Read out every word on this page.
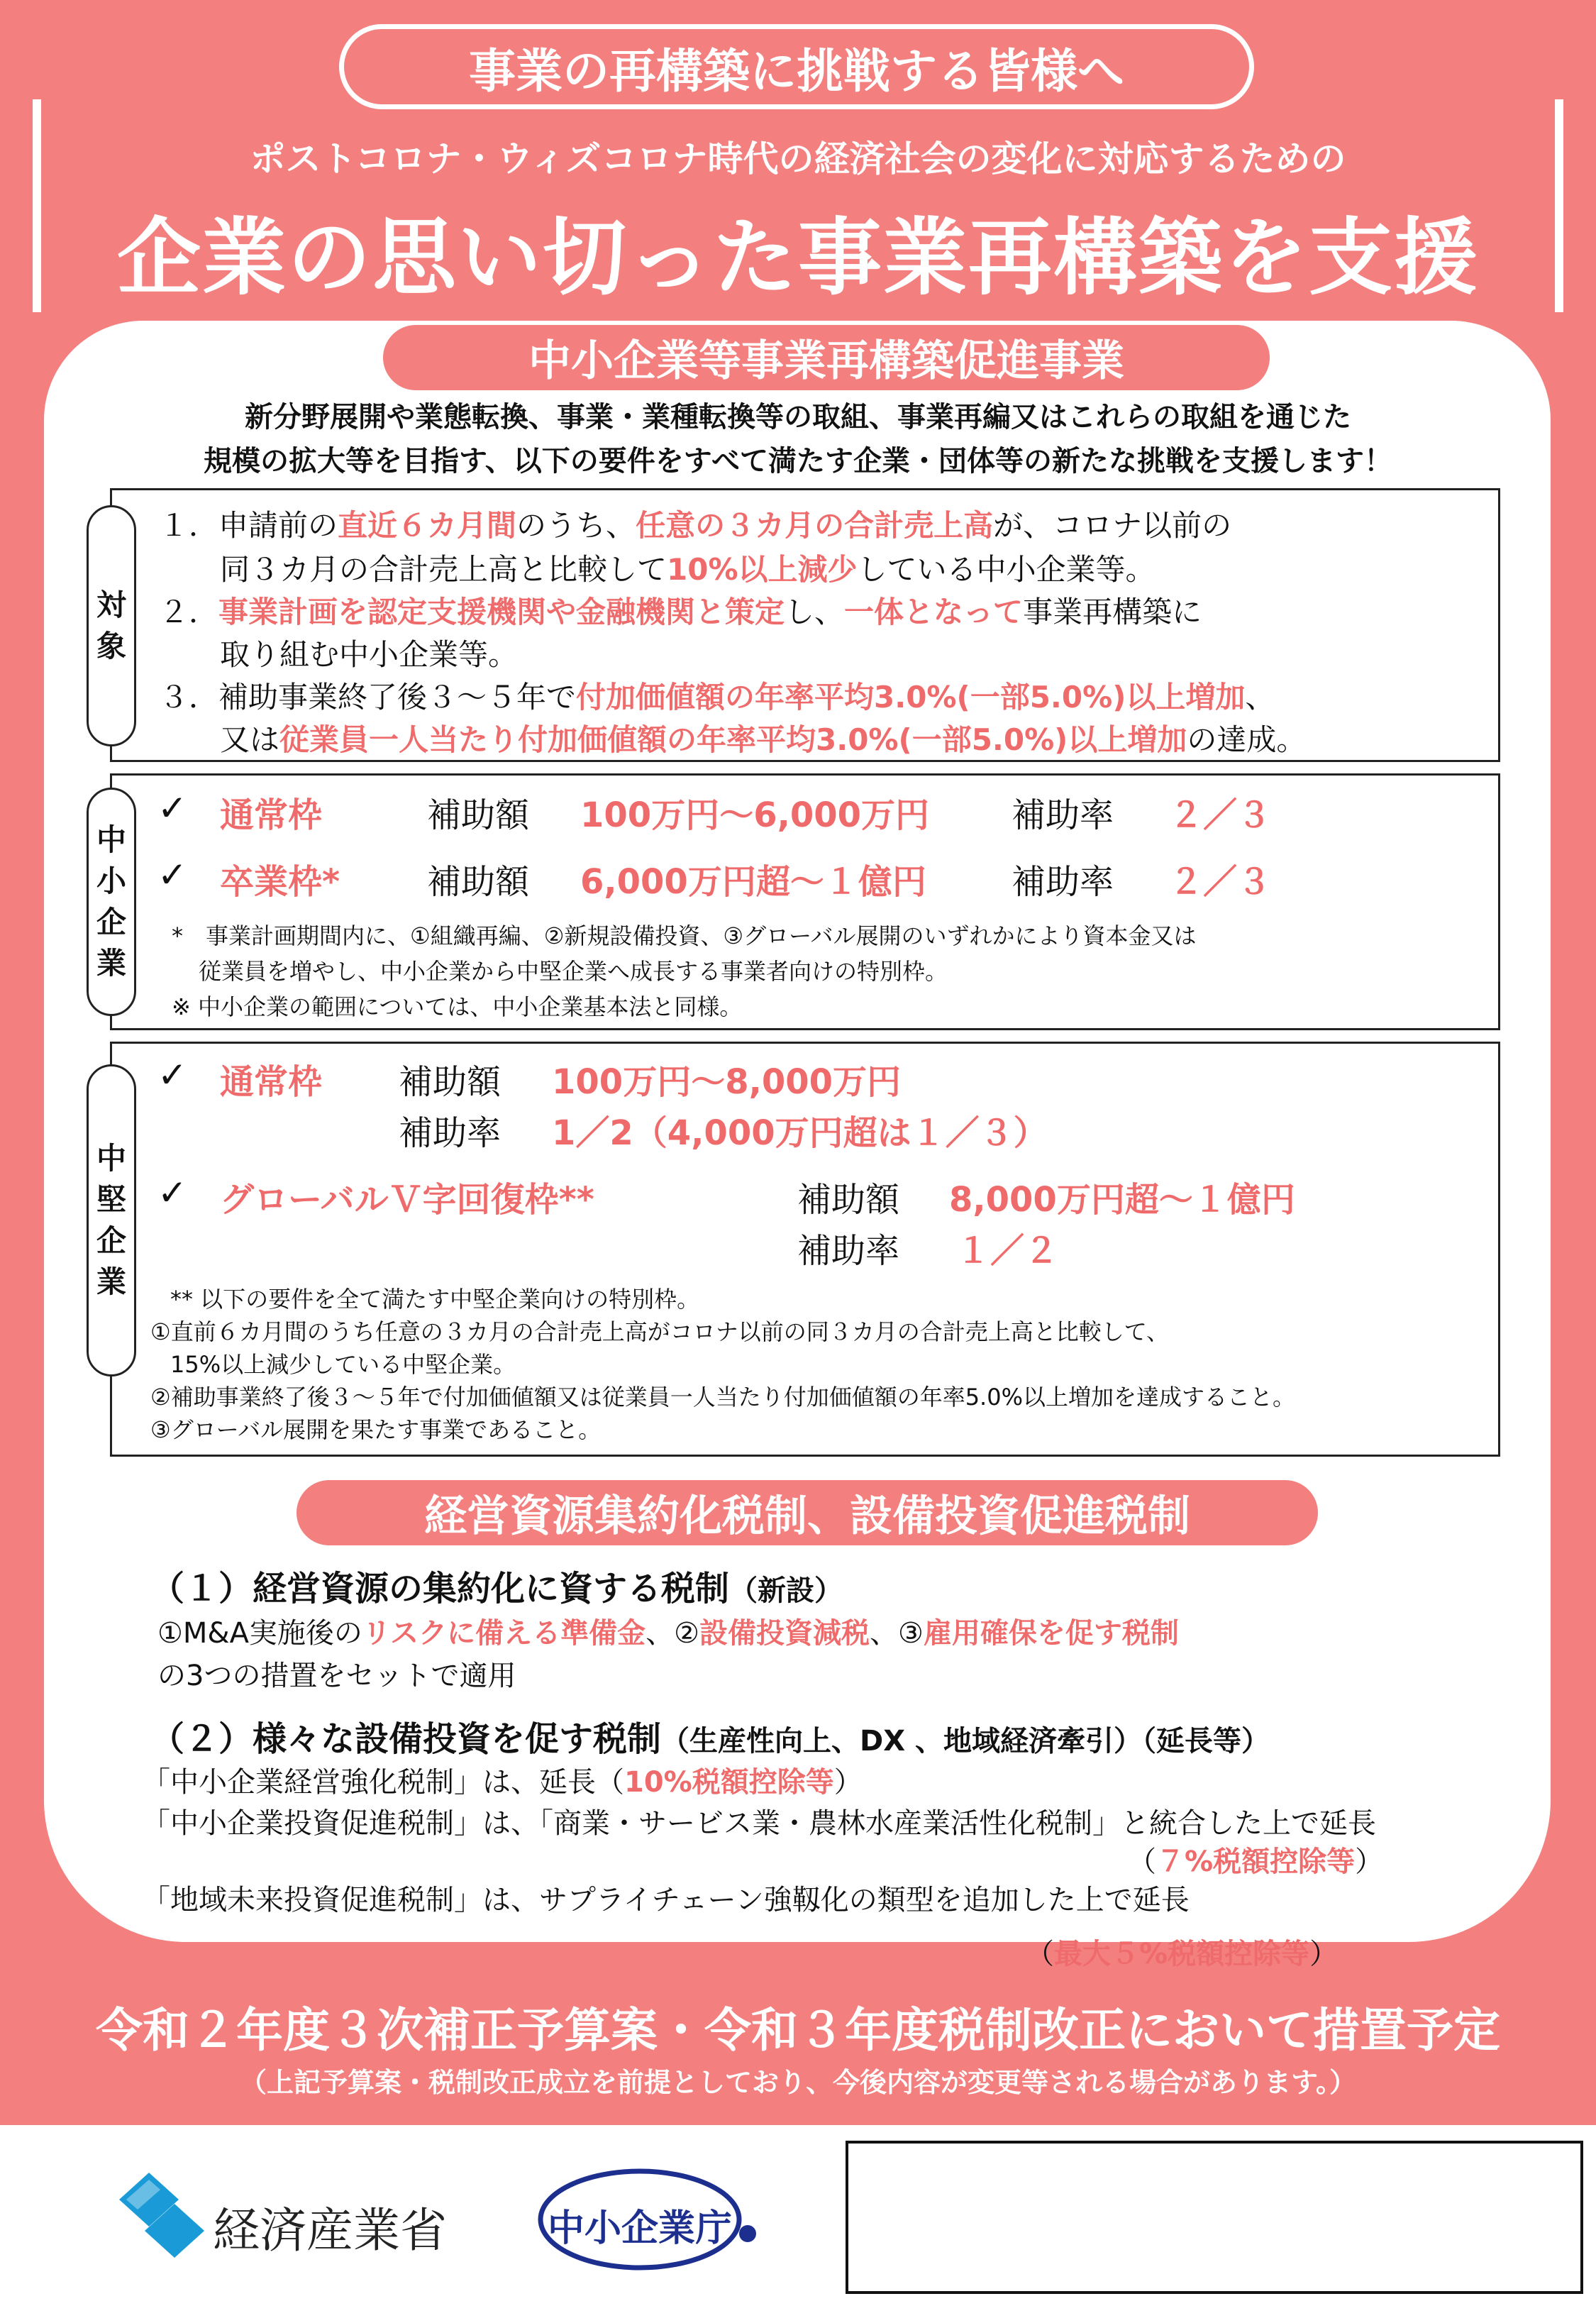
事業の再構築に挑戦する皆様へ
ポストコロナ・ウィズコロナ時代の経済社会の変化に対応するための
企業の思い切った事業再構築を支援
中小企業等事業再構築促進事業
新分野展開や業態転換、事業・業種転換等の取組、事業再編又はこれらの取組を通じた
規模の拡大等を目指す、以下の要件をすべて満たす企業・団体等の新たな挑戦を支援します！
対
象
１．申請前の直近６カ月間のうち、任意の３カ月の合計売上高が、コロナ以前の
同３カ月の合計売上高と比較して10%以上減少している中小企業等。
２．事業計画を認定支援機関や金融機関と策定し、一体となって事業再構築に
取り組む中小企業等。
３．補助事業終了後３～５年で付加価値額の年率平均3.0%(一部5.0%)以上増加、
又は従業員一人当たり付加価値額の年率平均3.0%(一部5.0%)以上増加の達成。
中
小
企
業
✓ 通常枠	補助額 100万円～6,000万円 補助率 ２／３
✓ 卒業枠*	補助額 6,000万円超～１億円	補助率 ２／３
*　事業計画期間内に、①組織再編、②新規設備投資、③グローバル展開のいずれかにより資本金又は
従業員を増やし、中小企業から中堅企業へ成長する事業者向けの特別枠。
※ 中小企業の範囲については、中小企業基本法と同様。
中
堅
企
業
✓ 通常枠 補助額 100万円～8,000万円
補助率 1／2（4,000万円超は１／３）
✓ グローバルＶ字回復枠**	補助額 8,000万円超～１億円
補助率 １／２
** 以下の要件を全て満たす中堅企業向けの特別枠。
①直前６カ月間のうち任意の３カ月の合計売上高がコロナ以前の同３カ月の合計売上高と比較して、
15%以上減少している中堅企業。
②補助事業終了後３～５年で付加価値額又は従業員一人当たり付加価値額の年率5.0%以上増加を達成すること。
③グローバル展開を果たす事業であること。
経営資源集約化税制、設備投資促進税制
（１）経営資源の集約化に資する税制（新設）
①M&A実施後のリスクに備える準備金、②設備投資減税、③雇用確保を促す税制
の3つの措置をセットで適用
（２）様々な設備投資を促す税制（生産性向上、DX 、地域経済牽引）（延長等）
「中小企業経営強化税制」は、延長（10%税額控除等）
「中小企業投資促進税制」は、「商業・サービス業・農林水産業活性化税制」と統合した上で延長
（７%税額控除等）
「地域未来投資促進税制」は、サプライチェーン強靱化の類型を追加した上で延長
（最大５%税額控除等）
令和２年度３次補正予算案・令和３年度税制改正において措置予定
（上記予算案・税制改正成立を前提としており、今後内容が変更等される場合があります。）
経済産業省	中小企業庁
